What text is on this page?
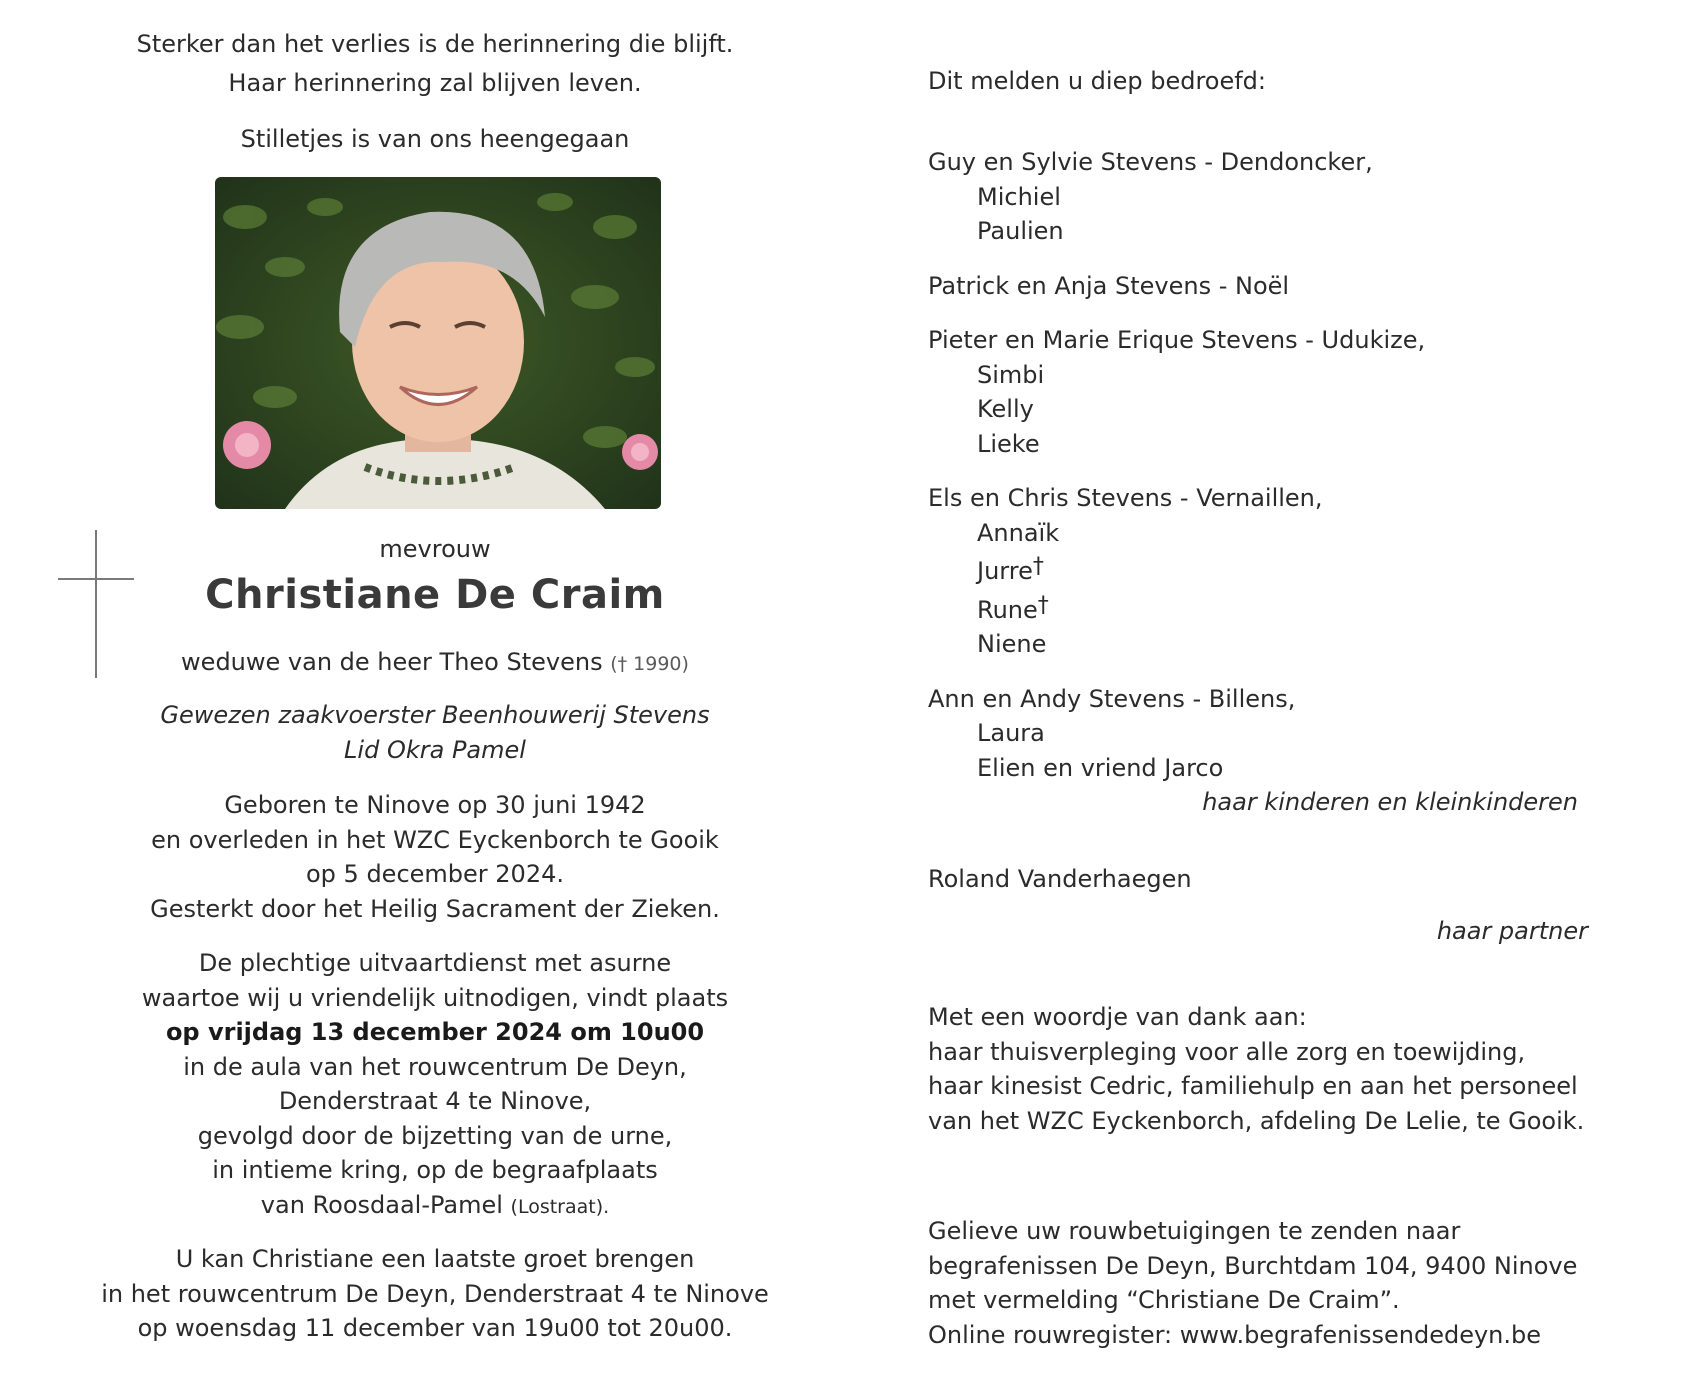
Sterker dan het verlies is de herinnering die blijft.
Haar herinnering zal blijven leven.
Stilletjes is van ons heengegaan
mevrouw
Christiane De Craim
weduwe van de heer Theo Stevens († 1990)
Gewezen zaakvoerster Beenhouwerij Stevens
Lid Okra Pamel
Geboren te Ninove op 30 juni 1942
en overleden in het WZC Eyckenborch te Gooik
op 5 december 2024.
Gesterkt door het Heilig Sacrament der Zieken.
De plechtige uitvaartdienst met asurne
waartoe wij u vriendelijk uitnodigen, vindt plaats
op vrijdag 13 december 2024 om 10u00
in de aula van het rouwcentrum De Deyn,
Denderstraat 4 te Ninove,
gevolgd door de bijzetting van de urne,
in intieme kring, op de begraafplaats
van Roosdaal-Pamel (Lostraat).
U kan Christiane een laatste groet brengen
in het rouwcentrum De Deyn, Denderstraat 4 te Ninove
op woensdag 11 december van 19u00 tot 20u00.
Dit melden u diep bedroefd:
Guy en Sylvie Stevens - Dendoncker,
Michiel
Paulien
Patrick en Anja Stevens - Noël
Pieter en Marie Erique Stevens - Udukize,
Simbi
Kelly
Lieke
Els en Chris Stevens - Vernaillen,
Annaïk
Jurre†
Rune†
Niene
Ann en Andy Stevens - Billens,
Laura
Elien en vriend Jarco
haar kinderen en kleinkinderen
Roland Vanderhaegen
haar partner
Met een woordje van dank aan:
haar thuisverpleging voor alle zorg en toewijding,
haar kinesist Cedric, familiehulp en aan het personeel
van het WZC Eyckenborch, afdeling De Lelie, te Gooik.
Gelieve uw rouwbetuigingen te zenden naar
begrafenissen De Deyn, Burchtdam 104, 9400 Ninove
met vermelding “Christiane De Craim”.
Online rouwregister: www.begrafenissendedeyn.be
